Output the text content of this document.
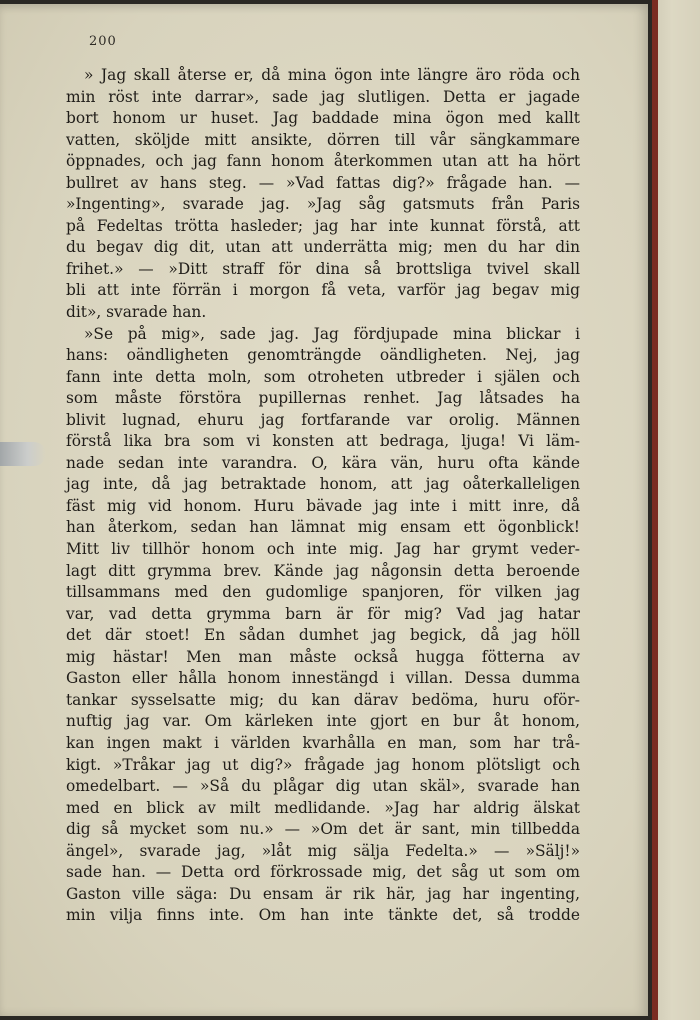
200
» Jag skall återse er, då mina ögon inte längre äro röda och
min röst inte darrar», sade jag slutligen. Detta er jagade
bort honom ur huset. Jag baddade mina ögon med kallt
vatten, sköljde mitt ansikte, dörren till vår sängkammare
öppnades, och jag fann honom återkommen utan att ha hört
bullret av hans steg. — »Vad fattas dig?» frågade han. —
»Ingenting», svarade jag. »Jag såg gatsmuts från Paris
på Fedeltas trötta hasleder; jag har inte kunnat förstå, att
du begav dig dit, utan att underrätta mig; men du har din
frihet.» — »Ditt straff för dina så brottsliga tvivel skall
bli att inte förrän i morgon få veta, varför jag begav mig
dit», svarade han.
»Se på mig», sade jag. Jag fördjupade mina blickar i
hans: oändligheten genomträngde oändligheten. Nej, jag
fann inte detta moln, som otroheten utbreder i själen och
som måste förstöra pupillernas renhet. Jag låtsades ha
blivit lugnad, ehuru jag fortfarande var orolig. Männen
förstå lika bra som vi konsten att bedraga, ljuga! Vi läm-
nade sedan inte varandra. O, kära vän, huru ofta kände
jag inte, då jag betraktade honom, att jag oåterkalleligen
fäst mig vid honom. Huru bävade jag inte i mitt inre, då
han återkom, sedan han lämnat mig ensam ett ögonblick!
Mitt liv tillhör honom och inte mig. Jag har grymt veder-
lagt ditt grymma brev. Kände jag någonsin detta beroende
tillsammans med den gudomlige spanjoren, för vilken jag
var, vad detta grymma barn är för mig? Vad jag hatar
det där stoet! En sådan dumhet jag begick, då jag höll
mig hästar! Men man måste också hugga fötterna av
Gaston eller hålla honom innestängd i villan. Dessa dumma
tankar sysselsatte mig; du kan därav bedöma, huru oför-
nuftig jag var. Om kärleken inte gjort en bur åt honom,
kan ingen makt i världen kvarhålla en man, som har trå-
kigt. »Tråkar jag ut dig?» frågade jag honom plötsligt och
omedelbart. — »Så du plågar dig utan skäl», svarade han
med en blick av milt medlidande. »Jag har aldrig älskat
dig så mycket som nu.» — »Om det är sant, min tillbedda
ängel», svarade jag, »låt mig sälja Fedelta.» — »Sälj!»
sade han. — Detta ord förkrossade mig, det såg ut som om
Gaston ville säga: Du ensam är rik här, jag har ingenting,
min vilja finns inte. Om han inte tänkte det, så trodde
